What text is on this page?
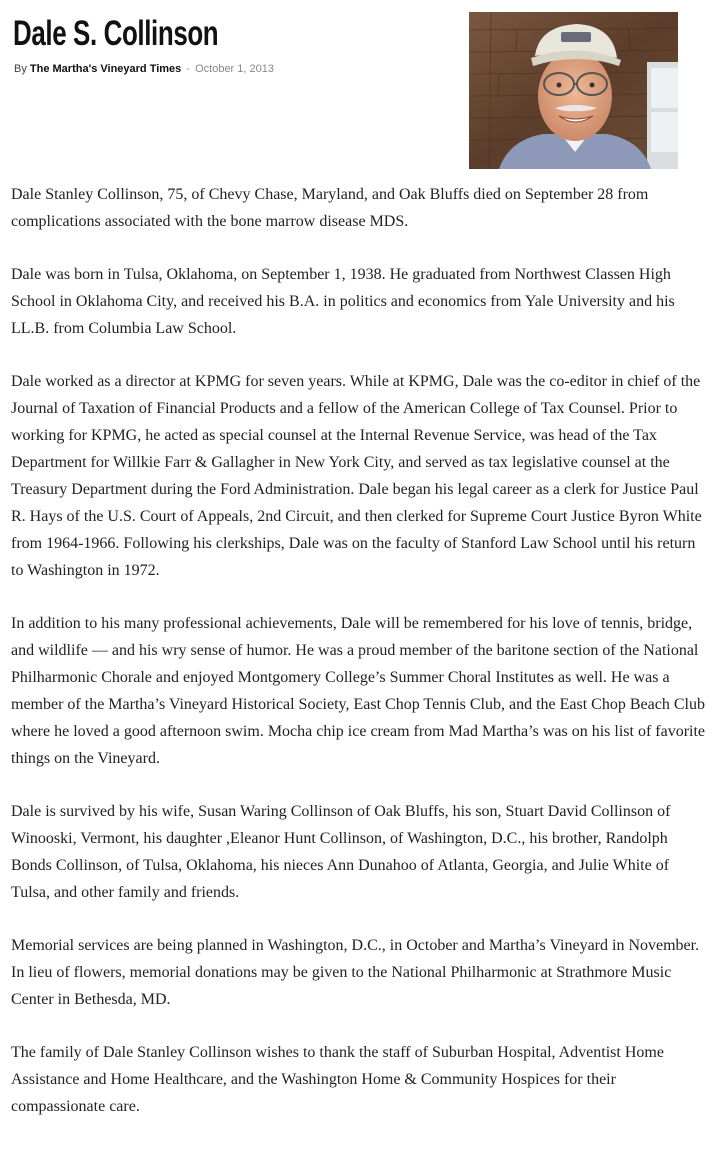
Dale S. Collinson
By The Martha's Vineyard Times - October 1, 2013

Dale Stanley Collinson, 75, of Chevy Chase, Maryland, and Oak Bluffs died on September 28 from complications associated with the bone marrow disease MDS.

Dale was born in Tulsa, Oklahoma, on September 1, 1938. He graduated from Northwest Classen High School in Oklahoma City, and received his B.A. in politics and economics from Yale University and his LL.B. from Columbia Law School.

Dale worked as a director at KPMG for seven years. While at KPMG, Dale was the co-editor in chief of the Journal of Taxation of Financial Products and a fellow of the American College of Tax Counsel. Prior to working for KPMG, he acted as special counsel at the Internal Revenue Service, was head of the Tax Department for Willkie Farr & Gallagher in New York City, and served as tax legislative counsel at the Treasury Department during the Ford Administration. Dale began his legal career as a clerk for Justice Paul R. Hays of the U.S. Court of Appeals, 2nd Circuit, and then clerked for Supreme Court Justice Byron White from 1964-1966. Following his clerkships, Dale was on the faculty of Stanford Law School until his return to Washington in 1972.

In addition to his many professional achievements, Dale will be remembered for his love of tennis, bridge, and wildlife — and his wry sense of humor. He was a proud member of the baritone section of the National Philharmonic Chorale and enjoyed Montgomery College’s Summer Choral Institutes as well. He was a member of the Martha’s Vineyard Historical Society, East Chop Tennis Club, and the East Chop Beach Club where he loved a good afternoon swim. Mocha chip ice cream from Mad Martha’s was on his list of favorite things on the Vineyard.

Dale is survived by his wife, Susan Waring Collinson of Oak Bluffs, his son, Stuart David Collinson of Winooski, Vermont, his daughter ,Eleanor Hunt Collinson, of Washington, D.C., his brother, Randolph Bonds Collinson, of Tulsa, Oklahoma, his nieces Ann Dunahoo of Atlanta, Georgia, and Julie White of Tulsa, and other family and friends.

Memorial services are being planned in Washington, D.C., in October and Martha’s Vineyard in November. In lieu of flowers, memorial donations may be given to the National Philharmonic at Strathmore Music Center in Bethesda, MD.

The family of Dale Stanley Collinson wishes to thank the staff of Suburban Hospital, Adventist Home Assistance and Home Healthcare, and the Washington Home & Community Hospices for their compassionate care.
